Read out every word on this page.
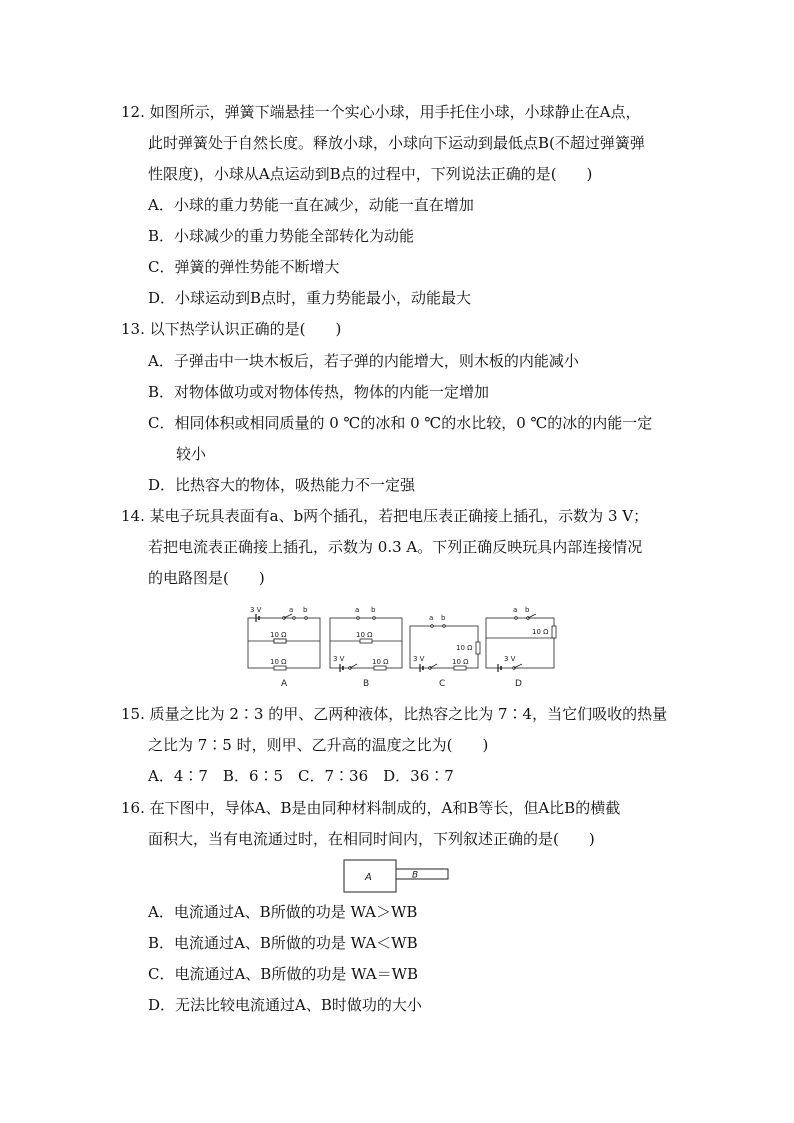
12. 如图所示，弹簧下端悬挂一个实心小球，用手托住小球，小球静止在A点，
此时弹簧处于自然长度。释放小球，小球向下运动到最低点B(不超过弹簧弹
性限度)，小球从A点运动到B点的过程中，下列说法正确的是(　　)
A．小球的重力势能一直在减少，动能一直在增加
B．小球减少的重力势能全部转化为动能
C．弹簧的弹性势能不断增大
D．小球运动到B点时，重力势能最小，动能最大
13. 以下热学认识正确的是(　　)
A．子弹击中一块木板后，若子弹的内能增大，则木板的内能减小
B．对物体做功或对物体传热，物体的内能一定增加
C．相同体积或相同质量的 0 ℃的冰和 0 ℃的水比较，0 ℃的冰的内能一定
较小
D．比热容大的物体，吸热能力不一定强
14. 某电子玩具表面有a、b两个插孔，若把电压表正确接上插孔，示数为 3 V；
若把电流表正确接上插孔，示数为 0.3 A。下列正确反映玩具内部连接情况
的电路图是(　　)
3 V	a b
10 Ω
10 Ω
A
a b
10 Ω
3 V	10 Ω
B
a b
10 Ω
3 V	10 Ω
C
a b
10 Ω
3 V
D
15. 质量之比为 2∶3 的甲、乙两种液体，比热容之比为 7∶4，当它们吸收的热量
之比为 7∶5 时，则甲、乙升高的温度之比为(　　)
A．4∶7　B．6∶5　C．7∶36　D．36∶7
16. 在下图中，导体A、B是由同种材料制成的，A和B等长，但A比B的横截
面积大，当有电流通过时，在相同时间内，下列叙述正确的是(　　)
A	B
A．电流通过A、B所做的功是 WA＞WB
B．电流通过A、B所做的功是 WA＜WB
C．电流通过A、B所做的功是 WA＝WB
D．无法比较电流通过A、B时做功的大小
